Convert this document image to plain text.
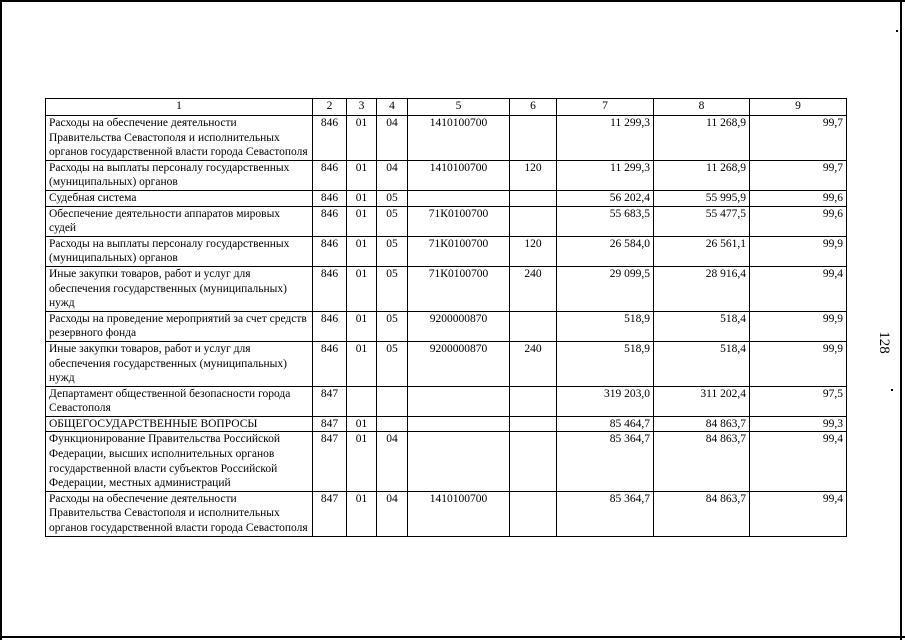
1	2	3	4	5	6	7	8	9
Расходы на обеспечение деятельности Правительства Севастополя и исполнительных органов государственной власти города Севастополя	846	01	04	1410100700		11 299,3	11 268,9	99,7
Расходы на выплаты персоналу государственных (муниципальных) органов	846	01	04	1410100700	120	11 299,3	11 268,9	99,7
Судебная система	846	01	05			56 202,4	55 995,9	99,6
Обеспечение деятельности аппаратов мировых судей	846	01	05	71К0100700		55 683,5	55 477,5	99,6
Расходы на выплаты персоналу государственных (муниципальных) органов	846	01	05	71К0100700	120	26 584,0	26 561,1	99,9
Иные закупки товаров, работ и услуг для обеспечения государственных (муниципальных) нужд	846	01	05	71К0100700	240	29 099,5	28 916,4	99,4
Расходы на проведение мероприятий за счет средств резервного фонда	846	01	05	9200000870		518,9	518,4	99,9
Иные закупки товаров, работ и услуг для обеспечения государственных (муниципальных) нужд	846	01	05	9200000870	240	518,9	518,4	99,9
Департамент общественной безопасности города Севастополя	847					319 203,0	311 202,4	97,5
ОБЩЕГОСУДАРСТВЕННЫЕ ВОПРОСЫ	847	01				85 464,7	84 863,7	99,3
Функционирование Правительства Российской Федерации, высших исполнительных органов государственной власти субъектов Российской Федерации, местных администраций	847	01	04			85 364,7	84 863,7	99,4
Расходы на обеспечение деятельности Правительства Севастополя и исполнительных органов государственной власти города Севастополя	847	01	04	1410100700		85 364,7	84 863,7	99,4
128
